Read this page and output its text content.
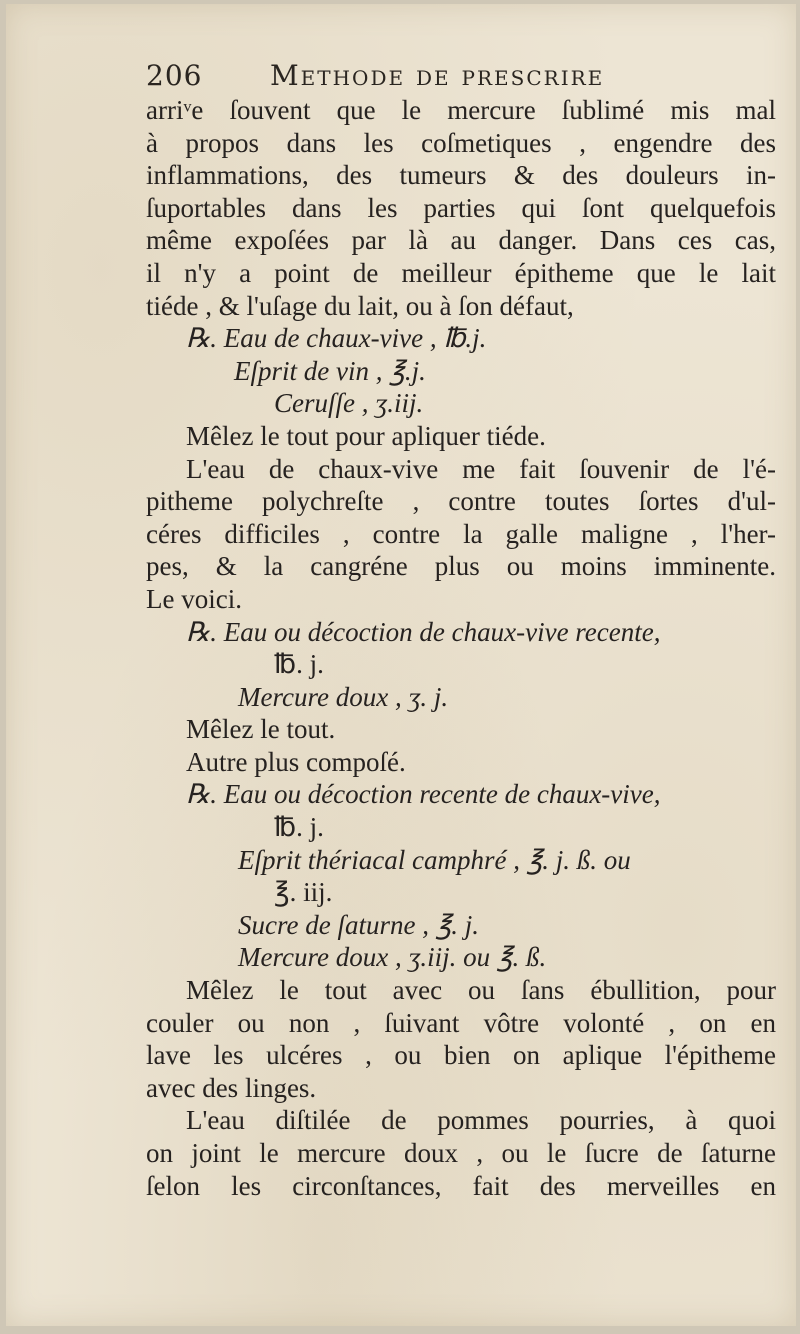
206 Methode de prescrire
arriᵛe ſouvent que le mercure ſublimé mis mal
à propos dans les coſmetiques , engendre des
inflammations, des tumeurs & des douleurs in-
ſuportables dans les parties qui ſont quelquefois
même expoſées par là au danger. Dans ces cas,
il n'y a point de meilleur épitheme que le lait
tiéde , & l'uſage du lait, ou à ſon défaut,
℞. Eau de chaux-vive , ℔.j.
Eſprit de vin , ℥.j.
Ceruſſe , ʒ.iij.
Mêlez le tout pour apliquer tiéde.
L'eau de chaux-vive me fait ſouvenir de l'é-
pitheme polychreſte , contre toutes ſortes d'ul-
céres difficiles , contre la galle maligne , l'her-
pes, & la cangréne plus ou moins imminente.
Le voici.
℞. Eau ou décoction de chaux-vive recente,
℔. j.
Mercure doux , ʒ. j.
Mêlez le tout.
Autre plus compoſé.
℞. Eau ou décoction recente de chaux-vive,
℔. j.
Eſprit thériacal camphré , ℥. j. ß. ou
℥. iij.
Sucre de ſaturne , ℥. j.
Mercure doux , ʒ.iij. ou ℥. ß.
Mêlez le tout avec ou ſans ébullition, pour
couler ou non , ſuivant vôtre volonté , on en
lave les ulcéres , ou bien on aplique l'épitheme
avec des linges.
L'eau diſtilée de pommes pourries, à quoi
on joint le mercure doux , ou le ſucre de ſaturne
ſelon les circonſtances, fait des merveilles en
